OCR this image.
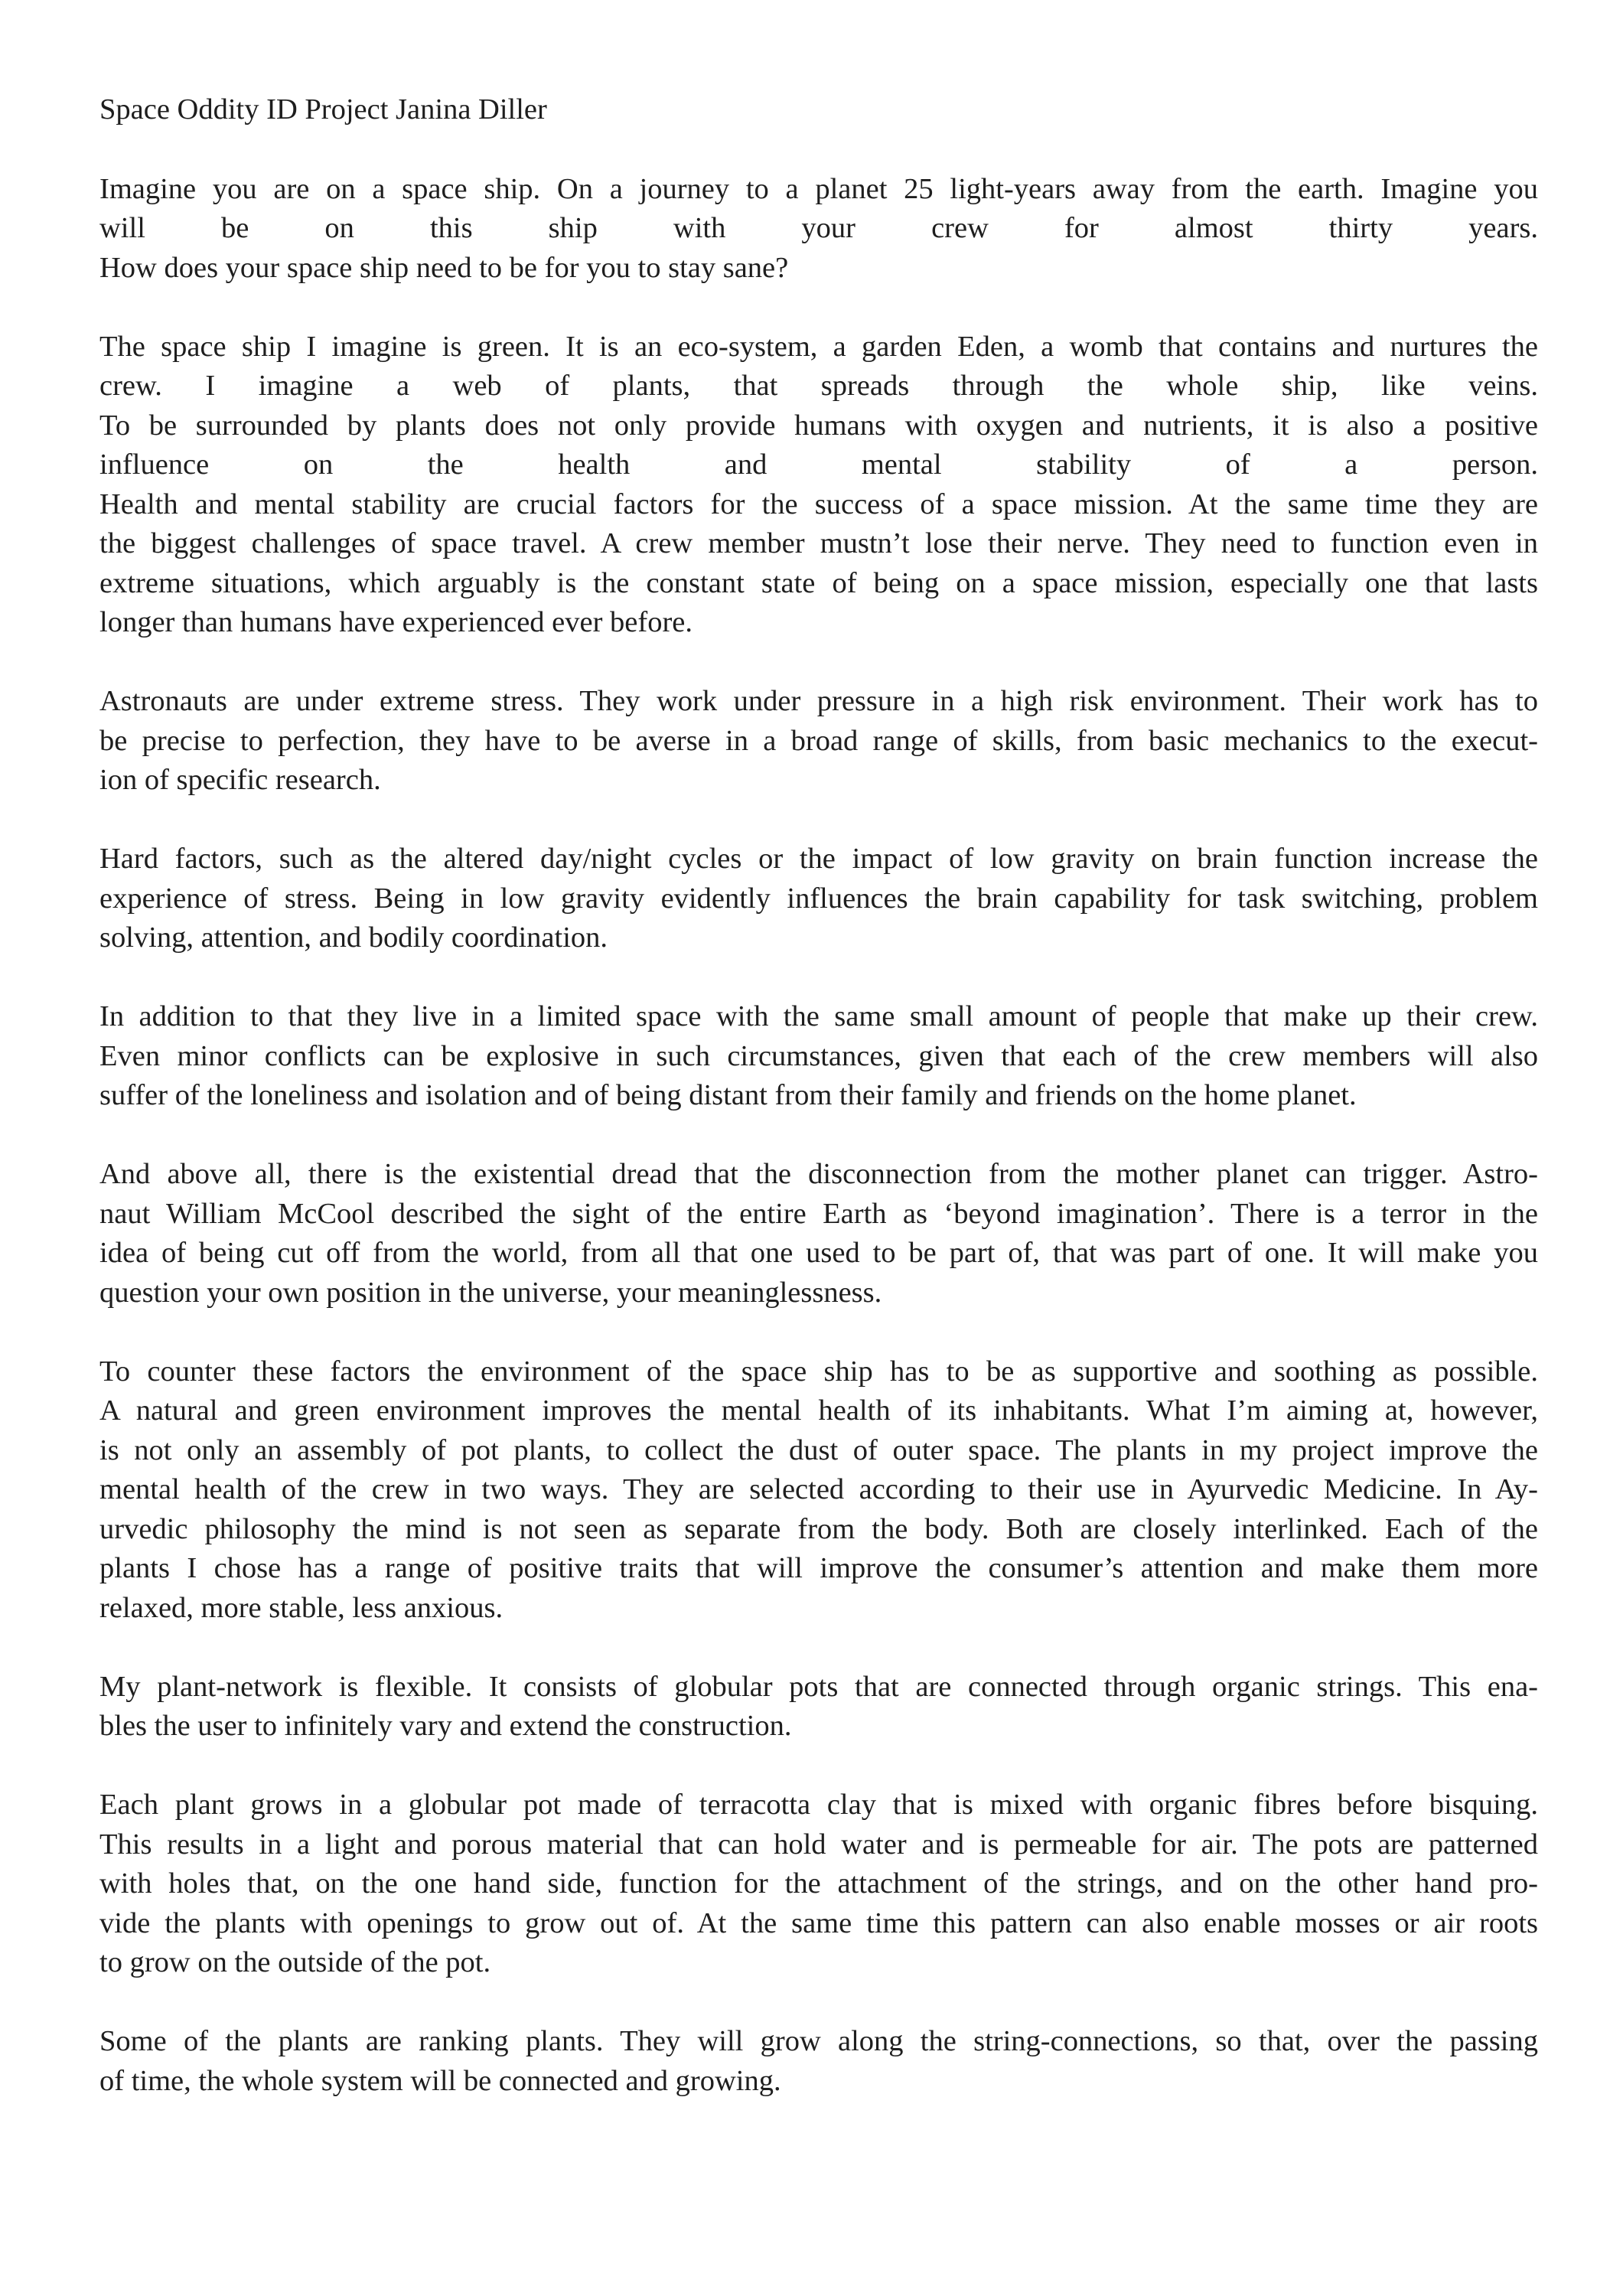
Space Oddity ID Project Janina Diller
Imagine you are on a space ship. On a journey to a planet 25 light-years away from the earth. Imagine you
will be on this ship with your crew for almost thirty years.
How does your space ship need to be for you to stay sane?
The space ship I imagine is green. It is an eco-system, a garden Eden, a womb that contains and nurtures the
crew. I imagine a web of plants, that spreads through the whole ship, like veins.
To be surrounded by plants does not only provide humans with oxygen and nutrients, it is also a positive
influence on the health and mental stability of a person.
Health and mental stability are crucial factors for the success of a space mission. At the same time they are
the biggest challenges of space travel. A crew member mustn’t lose their nerve. They need to function even in
extreme situations, which arguably is the constant state of being on a space mission, especially one that lasts
longer than humans have experienced ever before.
Astronauts are under extreme stress. They work under pressure in a high risk environment. Their work has to
be precise to perfection, they have to be averse in a broad range of skills, from basic mechanics to the execut-
ion of specific research.
Hard factors, such as the altered day/night cycles or the impact of low gravity on brain function increase the
experience of stress. Being in low gravity evidently influences the brain capability for task switching, problem
solving, attention, and bodily coordination.
In addition to that they live in a limited space with the same small amount of people that make up their crew.
Even minor conflicts can be explosive in such circumstances, given that each of the crew members will also
suffer of the loneliness and isolation and of being distant from their family and friends on the home planet.
And above all, there is the existential dread that the disconnection from the mother planet can trigger. Astro-
naut William McCool described the sight of the entire Earth as ‘beyond imagination’. There is a terror in the
idea of being cut off from the world, from all that one used to be part of, that was part of one. It will make you
question your own position in the universe, your meaninglessness.
To counter these factors the environment of the space ship has to be as supportive and soothing as possible.
A natural and green environment improves the mental health of its inhabitants. What I’m aiming at, however,
is not only an assembly of pot plants, to collect the dust of outer space. The plants in my project improve the
mental health of the crew in two ways. They are selected according to their use in Ayurvedic Medicine. In Ay-
urvedic philosophy the mind is not seen as separate from the body. Both are closely interlinked. Each of the
plants I chose has a range of positive traits that will improve the consumer’s attention and make them more
relaxed, more stable, less anxious.
My plant-network is flexible. It consists of globular pots that are connected through organic strings. This ena-
bles the user to infinitely vary and extend the construction.
Each plant grows in a globular pot made of terracotta clay that is mixed with organic fibres before bisquing.
This results in a light and porous material that can hold water and is permeable for air. The pots are patterned
with holes that, on the one hand side, function for the attachment of the strings, and on the other hand pro-
vide the plants with openings to grow out of. At the same time this pattern can also enable mosses or air roots
to grow on the outside of the pot.
Some of the plants are ranking plants. They will grow along the string-connections, so that, over the passing
of time, the whole system will be connected and growing.
